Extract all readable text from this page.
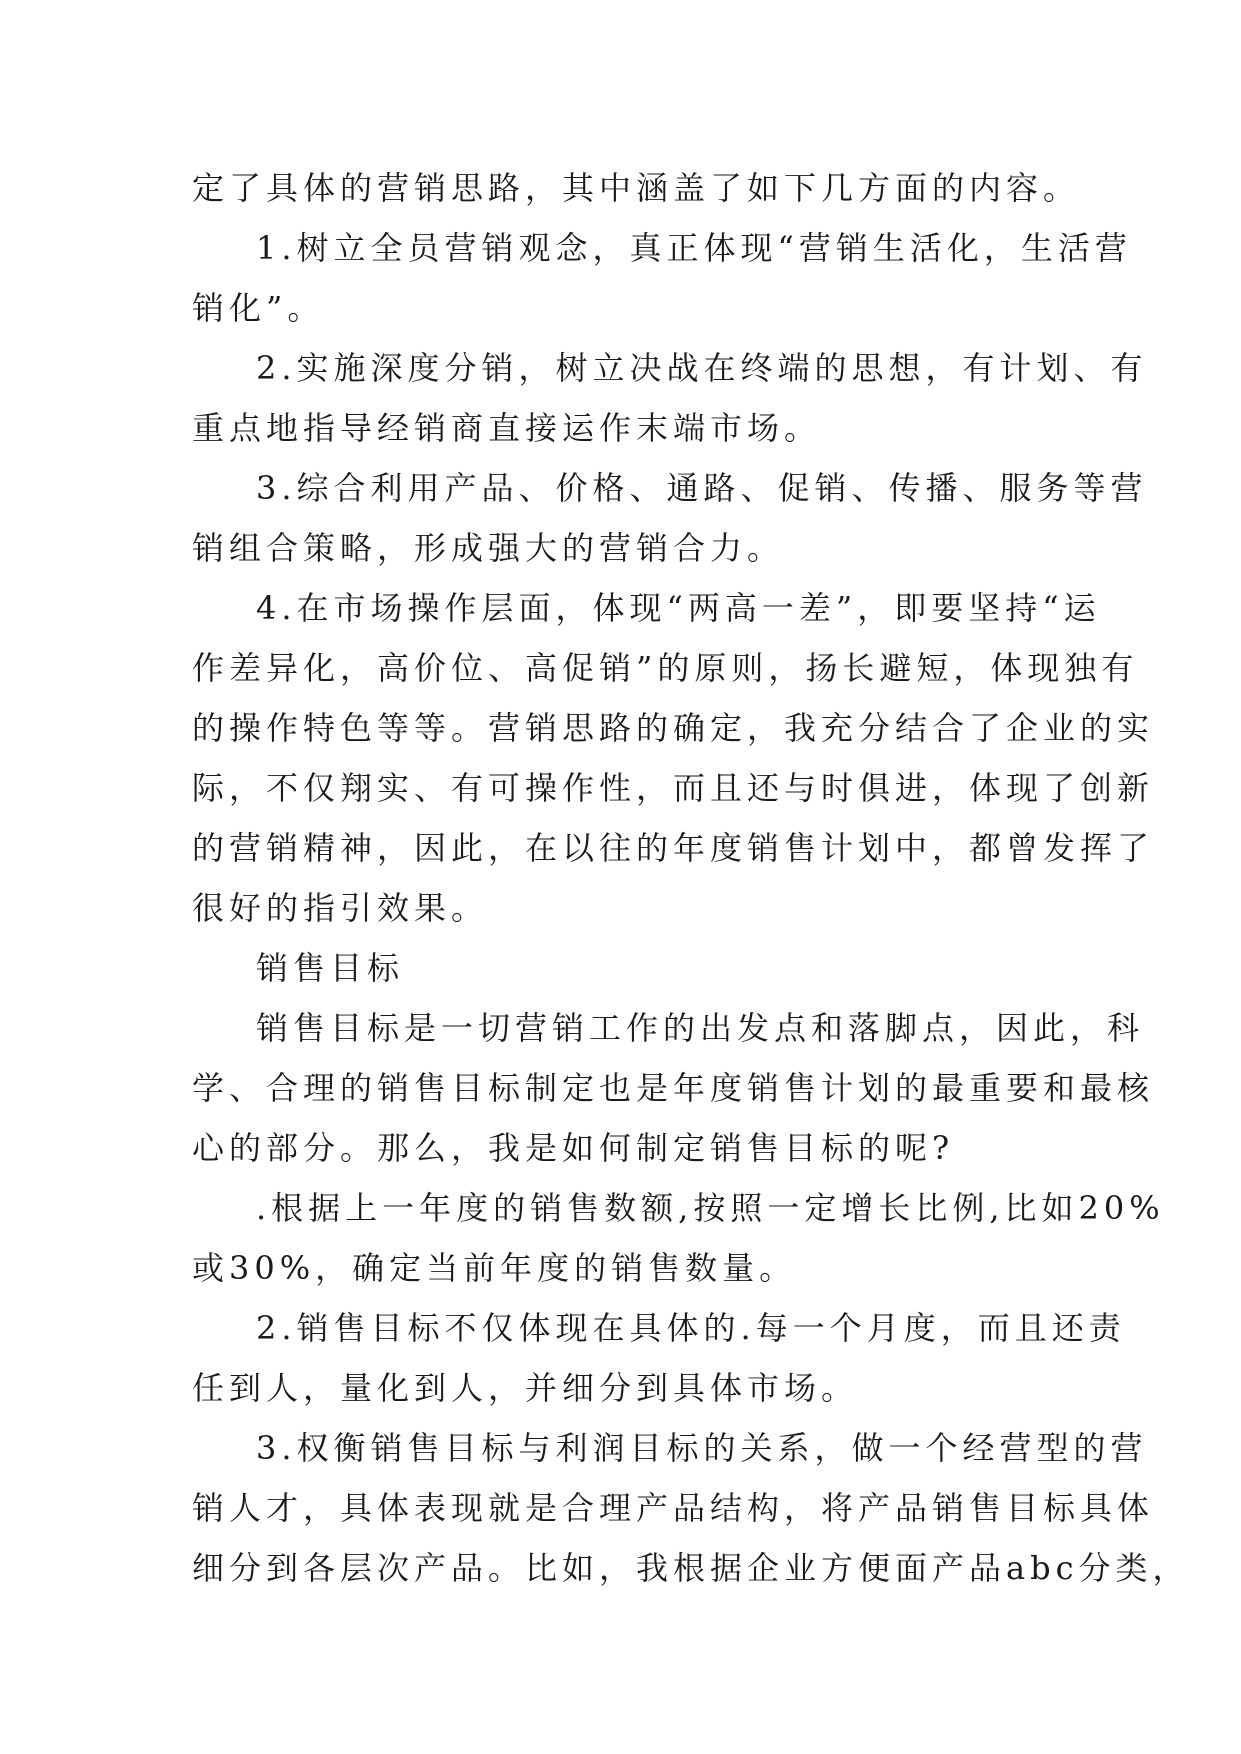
定了具体的营销思路，其中涵盖了如下几方面的内容。
1.树立全员营销观念，真正体现“营销生活化，生活营
销化”。
2.实施深度分销，树立决战在终端的思想，有计划、有
重点地指导经销商直接运作末端市场。
3.综合利用产品、价格、通路、促销、传播、服务等营
销组合策略，形成强大的营销合力。
4.在市场操作层面，体现“两高一差”，即要坚持“运
作差异化，高价位、高促销”的原则，扬长避短，体现独有
的操作特色等等。营销思路的确定，我充分结合了企业的实
际，不仅翔实、有可操作性，而且还与时俱进，体现了创新
的营销精神，因此，在以往的年度销售计划中，都曾发挥了
很好的指引效果。
销售目标
销售目标是一切营销工作的出发点和落脚点，因此，科
学、合理的销售目标制定也是年度销售计划的最重要和最核
心的部分。那么，我是如何制定销售目标的呢?
.根据上一年度的销售数额,按照一定增长比例,比如20%
或30%，确定当前年度的销售数量。
2.销售目标不仅体现在具体的.每一个月度，而且还责
任到人，量化到人，并细分到具体市场。
3.权衡销售目标与利润目标的关系，做一个经营型的营
销人才，具体表现就是合理产品结构，将产品销售目标具体
细分到各层次产品。比如，我根据企业方便面产品abc分类，
